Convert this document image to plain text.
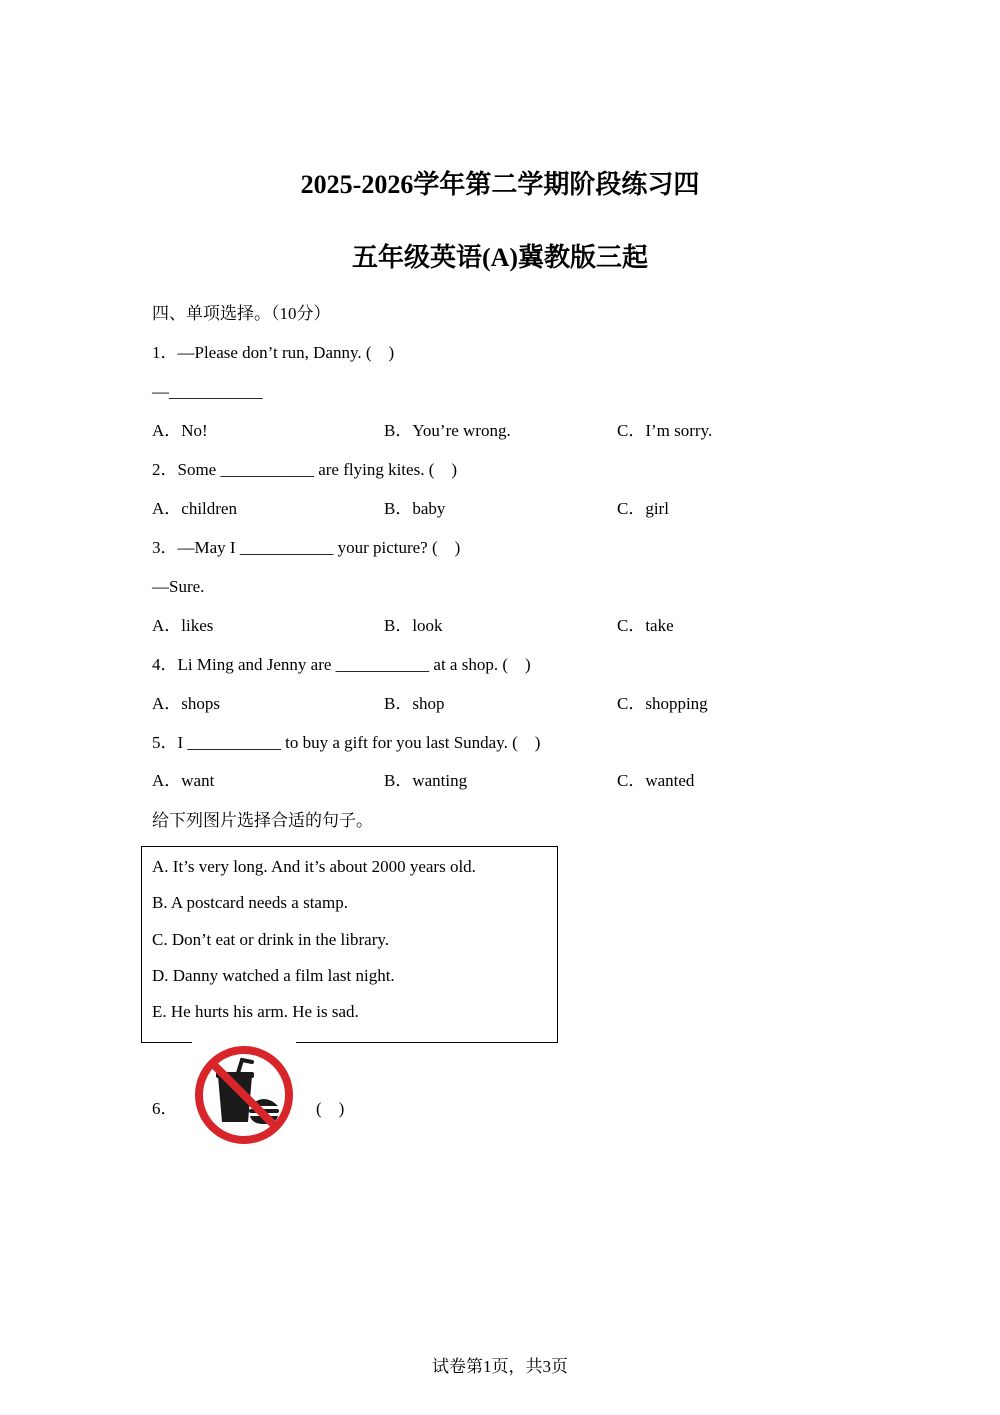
2025-2026学年第二学期阶段练习四
五年级英语(A)冀教版三起
四、单项选择。（10分）
1．—Please don’t run, Danny. (    )
—___________
A．No!	B．You’re wrong.	C．I’m sorry.
2．Some ___________ are flying kites. (    )
A．children	B．baby	C．girl
3．—May I ___________ your picture? (    )
—Sure.
A．likes	B．look	C．take
4．Li Ming and Jenny are ___________ at a shop. (    )
A．shops	B．shop	C．shopping
5．I ___________ to buy a gift for you last Sunday. (    )
A．want	B．wanting	C．wanted
给下列图片选择合适的句子。
A. It’s very long. And it’s about 2000 years old.
B. A postcard needs a stamp.
C. Don’t eat or drink in the library.
D. Danny watched a film last night.
E. He hurts his arm. He is sad.
6．	(    )
试卷第1页，共3页
